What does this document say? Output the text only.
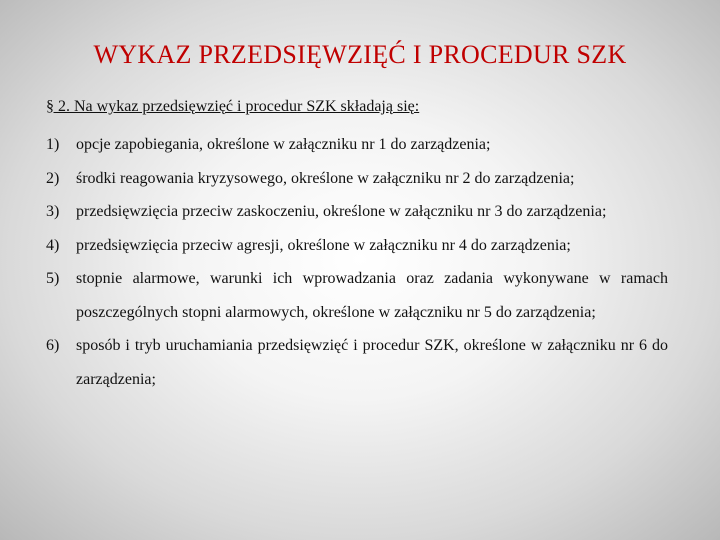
WYKAZ PRZEDSIĘWZIĘĆ I PROCEDUR SZK
§ 2. Na wykaz przedsięwzięć i procedur SZK składają się:
1)	opcje zapobiegania, określone w załączniku nr 1 do zarządzenia;
2)	środki reagowania kryzysowego, określone w załączniku nr 2 do zarządzenia;
3)	przedsięwzięcia przeciw zaskoczeniu, określone w załączniku nr 3 do zarządzenia;
4)	przedsięwzięcia przeciw agresji, określone w załączniku nr 4 do zarządzenia;
5)	stopnie alarmowe, warunki ich wprowadzania oraz zadania wykonywane w ramach poszczególnych stopni alarmowych, określone w załączniku nr 5 do zarządzenia;
6)	sposób i tryb uruchamiania przedsięwzięć i procedur SZK, określone w załączniku nr 6 do zarządzenia;
